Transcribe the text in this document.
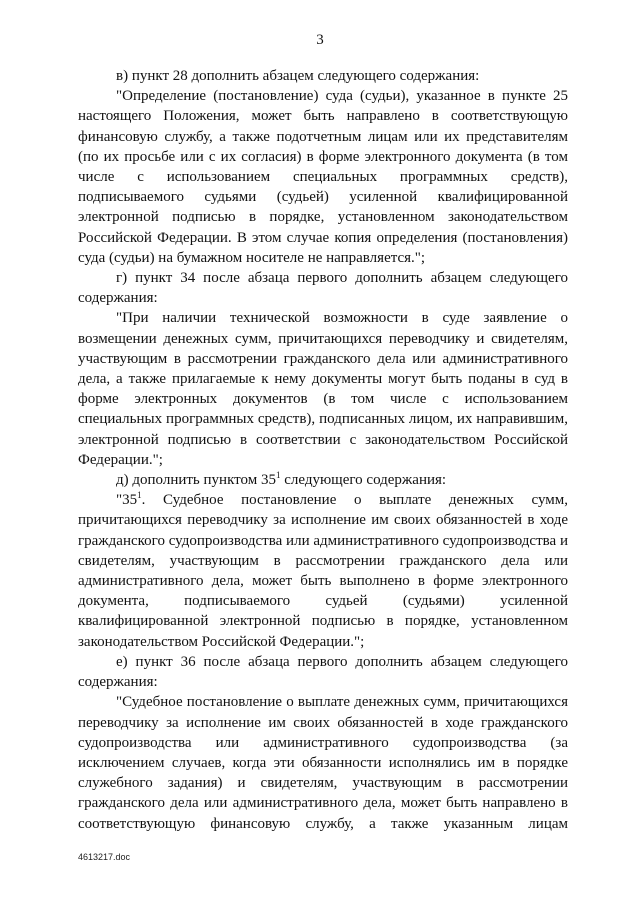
3

в) пункт 28 дополнить абзацем следующего содержания:

"Определение (постановление) суда (судьи), указанное в пункте 25 настоящего Положения, может быть направлено в соответствующую финансовую службу, а также подотчетным лицам или их представителям (по их просьбе или с их согласия) в форме электронного документа (в том числе с использованием специальных программных средств), подписываемого судьями (судьей) усиленной квалифицированной электронной подписью в порядке, установленном законодательством Российской Федерации. В этом случае копия определения (постановления) суда (судьи) на бумажном носителе не направляется.";

г) пункт 34 после абзаца первого дополнить абзацем следующего содержания:

"При наличии технической возможности в суде заявление о возмещении денежных сумм, причитающихся переводчику и свидетелям, участвующим в рассмотрении гражданского дела или административного дела, а также прилагаемые к нему документы могут быть поданы в суд в форме электронных документов (в том числе с использованием специальных программных средств), подписанных лицом, их направившим, электронной подписью в соответствии с законодательством Российской Федерации.";

д) дополнить пунктом $35^1$ следующего содержания:

"$35^1$. Судебное постановление о выплате денежных сумм, причитающихся переводчику за исполнение им своих обязанностей в ходе гражданского судопроизводства или административного судопроизводства и свидетелям, участвующим в рассмотрении гражданского дела или административного дела, может быть выполнено в форме электронного документа, подписываемого судьей (судьями) усиленной квалифицированной электронной подписью в порядке, установленном законодательством Российской Федерации.";

е) пункт 36 после абзаца первого дополнить абзацем следующего содержания:

"Судебное постановление о выплате денежных сумм, причитающихся переводчику за исполнение им своих обязанностей в ходе гражданского судопроизводства или административного судопроизводства (за исключением случаев, когда эти обязанности исполнялись им в порядке служебного задания) и свидетелям, участвующим в рассмотрении гражданского дела или административного дела, может быть направлено в соответствующую финансовую службу, а также указанным лицам

4613217.doc
